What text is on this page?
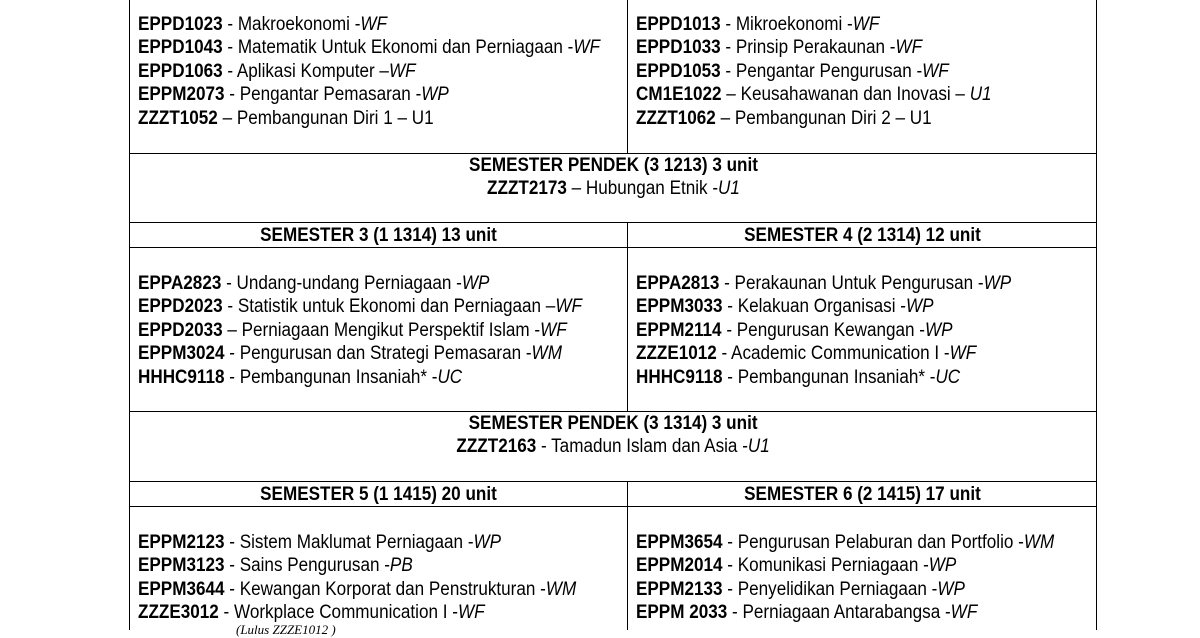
EPPD1023 - Makroekonomi -WF
EPPD1043 - Matematik Untuk Ekonomi dan Perniagaan -WF
EPPD1063 - Aplikasi Komputer –WF
EPPM2073 - Pengantar Pemasaran -WP
ZZZT1052 – Pembangunan Diri 1 – U1
EPPD1013 - Mikroekonomi -WF
EPPD1033 - Prinsip Perakaunan -WF
EPPD1053 - Pengantar Pengurusan -WF
CM1E1022 – Keusahawanan dan Inovasi – U1
ZZZT1062 – Pembangunan Diri 2 – U1
SEMESTER PENDEK (3 1213) 3 unit
ZZZT2173 – Hubungan Etnik -U1
SEMESTER 3 (1 1314) 13 unit	SEMESTER 4 (2 1314) 12 unit
EPPA2823 - Undang-undang Perniagaan -WP
EPPD2023 - Statistik untuk Ekonomi dan Perniagaan –WF
EPPD2033 – Perniagaan Mengikut Perspektif Islam -WF
EPPM3024 - Pengurusan dan Strategi Pemasaran -WM
HHHC9118 - Pembangunan Insaniah* -UC
EPPA2813 - Perakaunan Untuk Pengurusan -WP
EPPM3033 - Kelakuan Organisasi -WP
EPPM2114 - Pengurusan Kewangan -WP
ZZZE1012 - Academic Communication I -WF
HHHC9118 - Pembangunan Insaniah* -UC
SEMESTER PENDEK (3 1314) 3 unit
ZZZT2163 - Tamadun Islam dan Asia -U1
SEMESTER 5 (1 1415) 20 unit	SEMESTER 6 (2 1415) 17 unit
EPPM2123 - Sistem Maklumat Perniagaan -WP
EPPM3123 - Sains Pengurusan -PB
EPPM3644 - Kewangan Korporat dan Penstrukturan -WM
ZZZE3012 - Workplace Communication I -WF
(Lulus ZZZE1012 )
EPPM3654 - Pengurusan Pelaburan dan Portfolio -WM
EPPM2014 - Komunikasi Perniagaan -WP
EPPM2133 - Penyelidikan Perniagaan -WP
EPPM 2033 - Perniagaan Antarabangsa -WF
